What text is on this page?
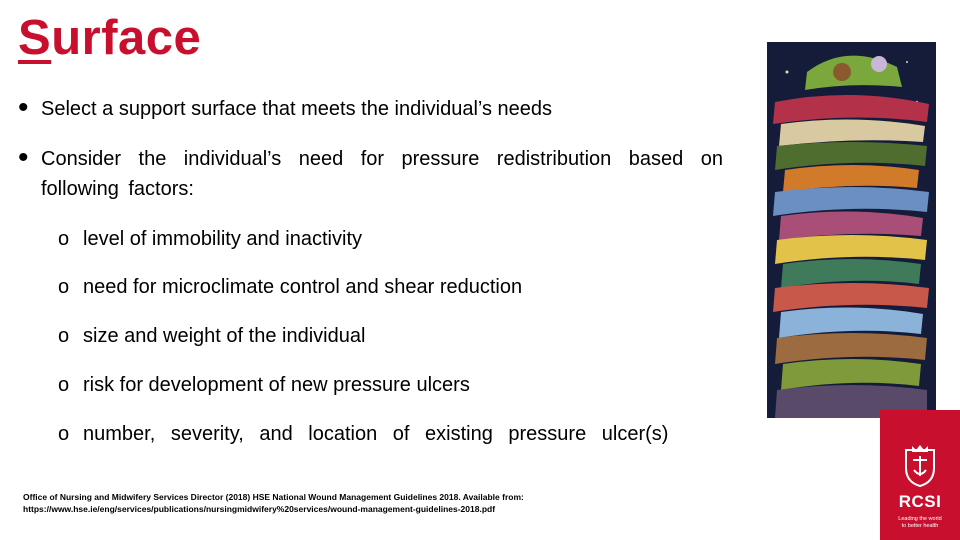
Surface
• Select a support surface that meets the individual’s needs
• Consider the individual’s need for pressure redistribution based on following factors:
o level of immobility and inactivity
o need for microclimate control and shear reduction
o size and weight of the individual
o risk for development of new pressure ulcers
o number, severity, and location of existing pressure ulcer(s)
Office of Nursing and Midwifery Services Director (2018) HSE National Wound Management Guidelines 2018. Available from:
https://www.hse.ie/eng/services/publications/nursingmidwifery%20services/wound-management-guidelines-2018.pdf	RCSI
Leading the world
to better health
